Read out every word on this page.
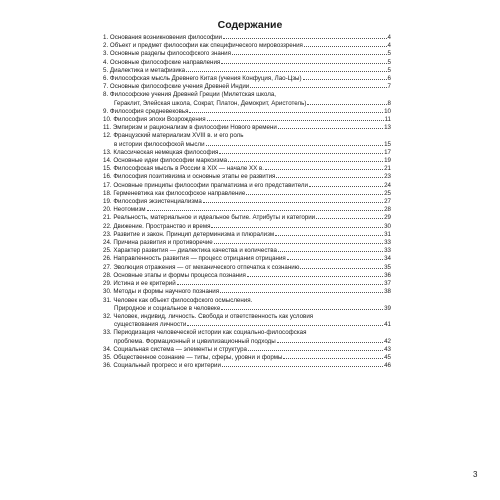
Содержание
1.
Основания возникновения философии	4
2.
Объект и предмет философии как специфического мировоззрения	4
3.
Основные разделы философского знания	5
4.
Основные философские направления	5
5.
Диалектика и метафизика	5
6.
Философская мысль Древнего Китая (учения Конфуция, Лао-Цзы)	6
7.
Основные философские учения Древней Индии	7
8.
Философские учения Древней Греции (Милетская школа,
Гераклит, Элейская школа, Сократ, Платон, Демокрит, Аристотель)	8
9.
Философия средневековья	10
10.
Философия эпохи Возрождения	11
11.
Эмпиризм и рационализм в философии Нового времени	13
12.
Французский материализм XVIII в. и его роль
в истории философской мысли	15
13.
Классическая немецкая философия	17
14.
Основные идеи философии марксизма	19
15.
Философская мысль в России в XIX — начале XX в.	21
16.
Философия позитивизма и основные этапы ее развития	23
17.
Основные принципы философии прагматизма и его представители	24
18.
Герменевтика как философское направление	25
19.
Философия экзистенциализма	27
20.
Неотомизм	28
21.
Реальность, материальное и идеальное бытие. Атрибуты и категории	29
22.
Движение. Пространство и время	30
23.
Развитие и закон. Принцип детерминизма и плюрализм	31
24.
Причина развития и противоречие	33
25.
Характер развития — диалектика качества и количества	33
26.
Направленность развития — процесс отрицания отрицания	34
27.
Эволюция отражения — от механического отпечатка к сознанию	35
28.
Основные этапы и формы процесса познания	36
29.
Истина и ее критерий	37
30.
Методы и формы научного познания	38
31.
Человек как объект философского осмысления.
Природное и социальное в человеке	39
32.
Человек, индивид, личность. Свобода и ответственность как условия
существования личности	41
33.
Периодизация человеческой истории как социально-философская
проблема. Формационный и цивилизационный подходы	42
34.
Социальная система — элементы и структура	43
35.
Общественное сознание — типы, сферы, уровни и формы	45
36.
Социальный прогресс и его критерии	46
3
